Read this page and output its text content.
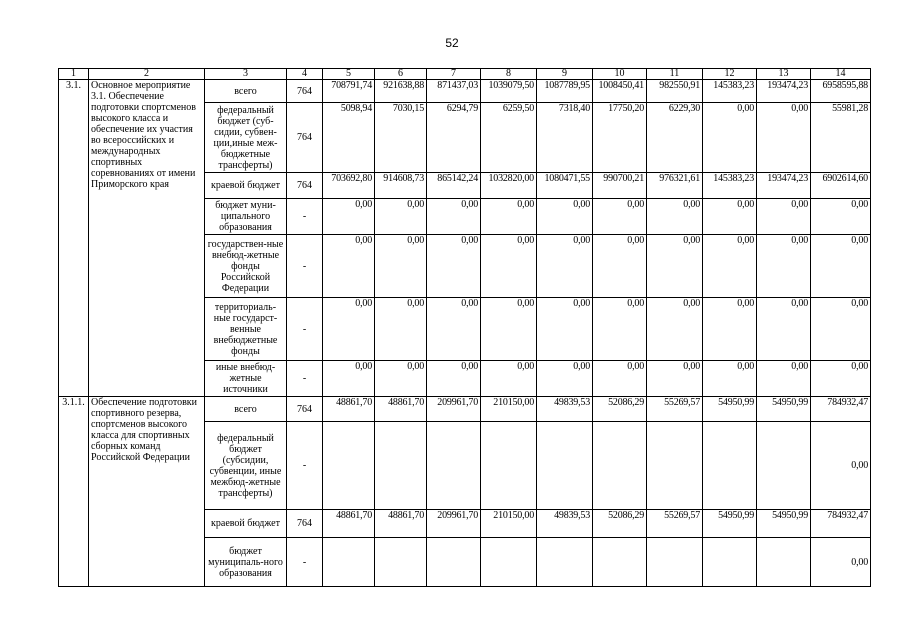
52
1	2	3	4	5	6	7	8	9	10	11	12	13	14
3.1.	Основное мероприятие 3.1. Обеспечение подготовки спортсменов высокого класса и обеспечение их участия во всероссийских и международных спортивных соревнованиях от имени Приморского края	всего	764	708791,74	921638,88	871437,03	1039079,50	1087789,95	1008450,41	982550,91	145383,23	193474,23	6958595,88
		федеральный бюджет (суб-сидии, субвен-ции,иные меж-бюджетные трансферты)	764	5098,94	7030,15	6294,79	6259,50	7318,40	17750,20	6229,30	0,00	0,00	55981,28
		краевой бюджет	764	703692,80	914608,73	865142,24	1032820,00	1080471,55	990700,21	976321,61	145383,23	193474,23	6902614,60
		бюджет муни-ципального образования	-	0,00	0,00	0,00	0,00	0,00	0,00	0,00	0,00	0,00	0,00
		государствен-ные внебюд-жетные фонды Российской Федерации	-	0,00	0,00	0,00	0,00	0,00	0,00	0,00	0,00	0,00	0,00
		территориаль-ные государст-венные внебюджетные фонды	-	0,00	0,00	0,00	0,00	0,00	0,00	0,00	0,00	0,00	0,00
		иные внебюд-жетные источники	-	0,00	0,00	0,00	0,00	0,00	0,00	0,00	0,00	0,00	0,00
3.1.1.	Обеспечение подготовки спортивного резерва, спортсменов высокого класса для спортивных сборных команд Российской Федерации	всего	764	48861,70	48861,70	209961,70	210150,00	49839,53	52086,29	55269,57	54950,99	54950,99	784932,47
		федеральный бюджет (субсидии, субвенции, иные межбюд-жетные трансферты)	-										0,00
		краевой бюджет	764	48861,70	48861,70	209961,70	210150,00	49839,53	52086,29	55269,57	54950,99	54950,99	784932,47
		бюджет муниципаль-ного образования	-										0,00
